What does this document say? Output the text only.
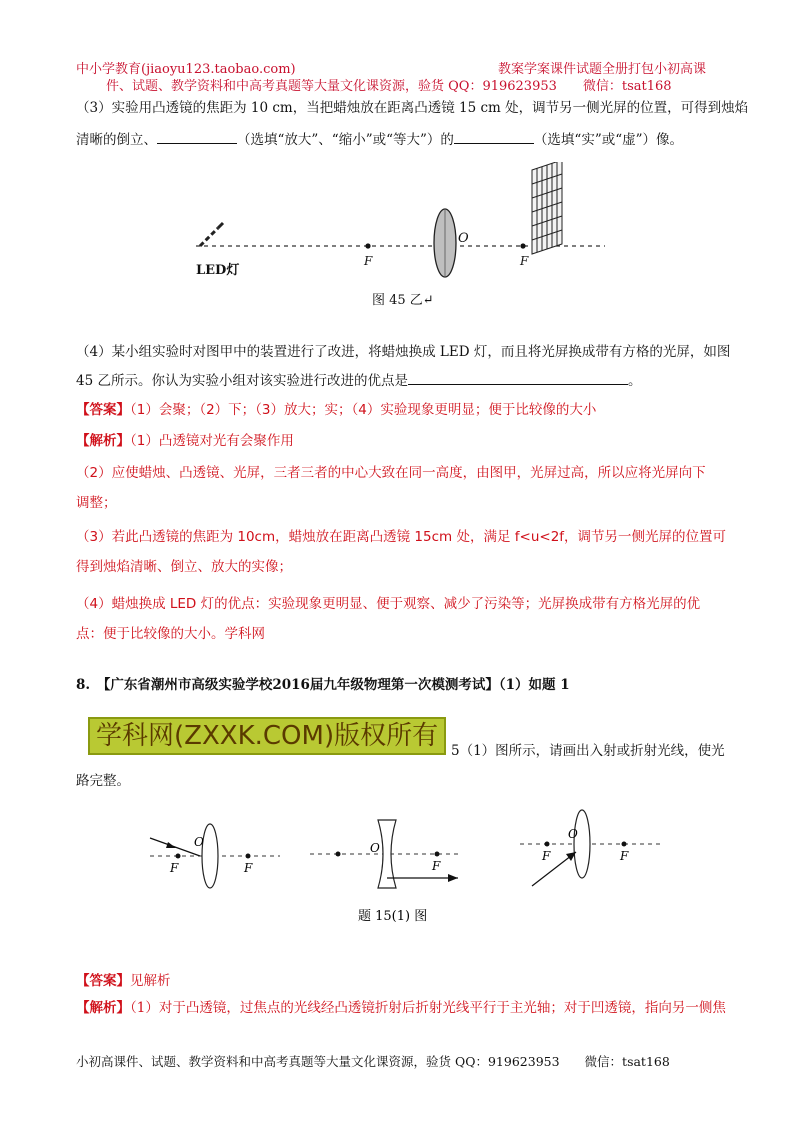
中小学教育(jiaoyu123.taobao.com)	教案学案课件试题全册打包小初高课
件、试题、教学资料和中高考真题等大量文化课资源，验货 QQ：919623953　　微信：tsat168
（3）实验用凸透镜的焦距为 10 cm，当把蜡烛放在距离凸透镜 15 cm 处，调节另一侧光屏的位置，可得到烛焰
清晰的倒立、	（选填“放大”、“缩小”或“等大”）的	（选填“实”或“虚”）像。
LED灯
F
O
F
图 45 乙↵
（4）某小组实验时对图甲中的装置进行了改进，将蜡烛换成 LED 灯，而且将光屏换成带有方格的光屏，如图
45 乙所示。你认为实验小组对该实验进行改进的优点是	。
【答案】（1）会聚；（2）下；（3）放大；实；（4）实验现象更明显；便于比较像的大小
【解析】（1）凸透镜对光有会聚作用
（2）应使蜡烛、凸透镜、光屏，三者三者的中心大致在同一高度，由图甲，光屏过高，所以应将光屏向下
调整；
（3）若此凸透镜的焦距为 10cm，蜡烛放在距离凸透镜 15cm 处，满足 f<u<2f，调节另一侧光屏的位置可
得到烛焰清晰、倒立、放大的实像；
（4）蜡烛换成 LED 灯的优点：实验现象更明显、便于观察、减少了污染等；光屏换成带有方格光屏的优
点：便于比较像的大小。学科网
8.　【广东省潮州市高级实验学校2016届九年级物理第一次模测考试】（1）如题 1
学科网(ZXXK.COM)版权所有 5（1）图所示，请画出入射或折射光线，使光
路完整。
F	F
O	O
F
F	F
O
题 15(1) 图
【答案】见解析
【解析】（1）对于凸透镜，过焦点的光线经凸透镜折射后折射光线平行于主光轴；对于凹透镜，指向另一侧焦
小初高课件、试题、教学资料和中高考真题等大量文化课资源，验货 QQ：919623953　　微信：tsat168
